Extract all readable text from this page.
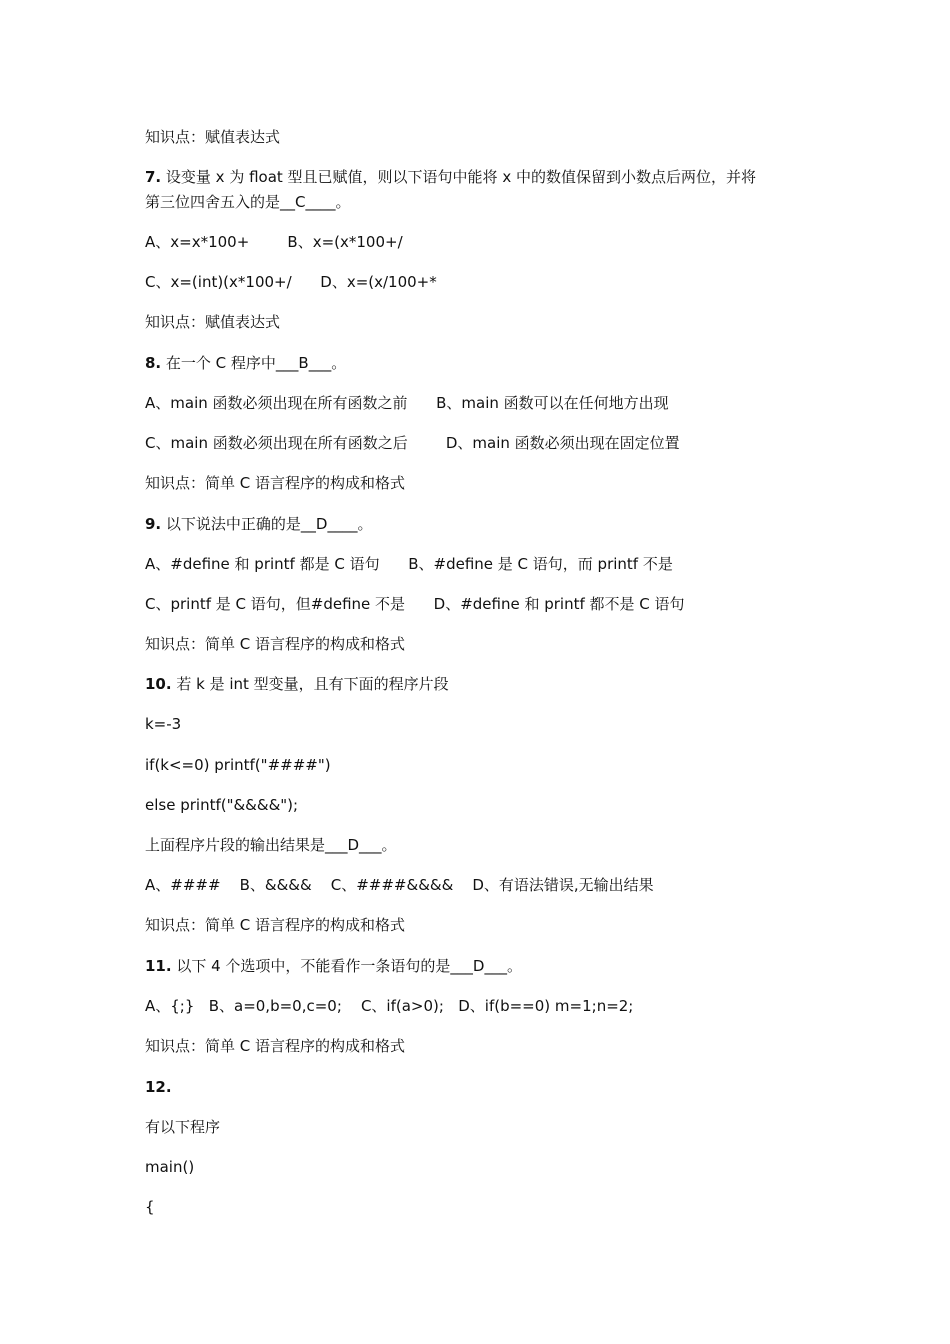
知识点：赋值表达式
7. 设变量 x 为 float 型且已赋值，则以下语句中能将 x 中的数值保留到小数点后两位，并将
第三位四舍五入的是__C____。
A、x=x*100+        B、x=(x*100+/
C、x=(int)(x*100+/      D、x=(x/100+*
知识点：赋值表达式
8. 在一个 C 程序中___B___。
A、main 函数必须出现在所有函数之前      B、main 函数可以在任何地方出现
C、main 函数必须出现在所有函数之后        D、main 函数必须出现在固定位置
知识点：简单 C 语言程序的构成和格式
9. 以下说法中正确的是__D____。
A、#define 和 printf 都是 C 语句      B、#define 是 C 语句，而 printf 不是
C、printf 是 C 语句，但#define 不是      D、#define 和 printf 都不是 C 语句
知识点：简单 C 语言程序的构成和格式
10. 若 k 是 int 型变量，且有下面的程序片段
k=-3
if(k<=0) printf("####")
else printf("&&&&");
上面程序片段的输出结果是___D___。
A、####    B、&&&&    C、####&&&&    D、有语法错误,无输出结果
知识点：简单 C 语言程序的构成和格式
11. 以下 4 个选项中，不能看作一条语句的是___D___。
A、{;}   B、a=0,b=0,c=0;    C、if(a>0);   D、if(b==0) m=1;n=2;
知识点：简单 C 语言程序的构成和格式
12.
有以下程序
main()
{
